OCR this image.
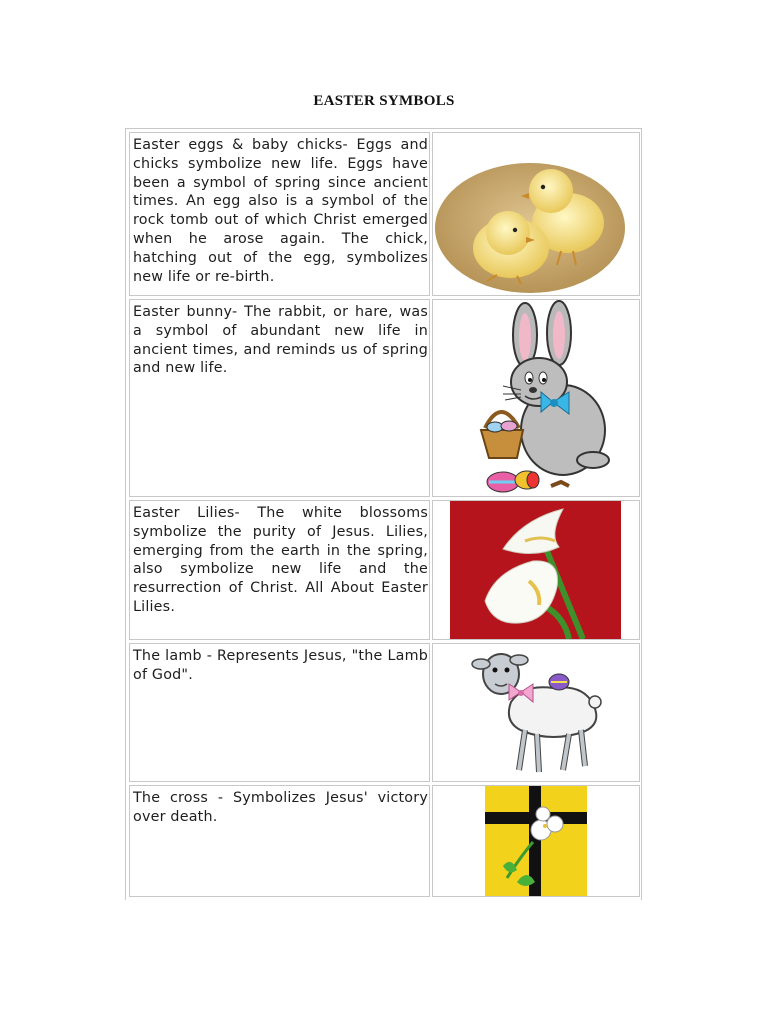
EASTER SYMBOLS

Easter eggs & baby chicks- Eggs and chicks symbolize new life. Eggs have been a symbol of spring since ancient times. An egg also is a symbol of the rock tomb out of which Christ emerged when he arose again. The chick, hatching out of the egg, symbolizes new life or re-birth.

Easter bunny- The rabbit, or hare, was a symbol of abundant new life in ancient times, and reminds us of spring and new life.

Easter Lilies- The white blossoms symbolize the purity of Jesus. Lilies, emerging from the earth in the spring, also symbolize new life and the resurrection of Christ. All About Easter Lilies.

The lamb - Represents Jesus, "the Lamb of God".

The cross - Symbolizes Jesus' victory over death.
